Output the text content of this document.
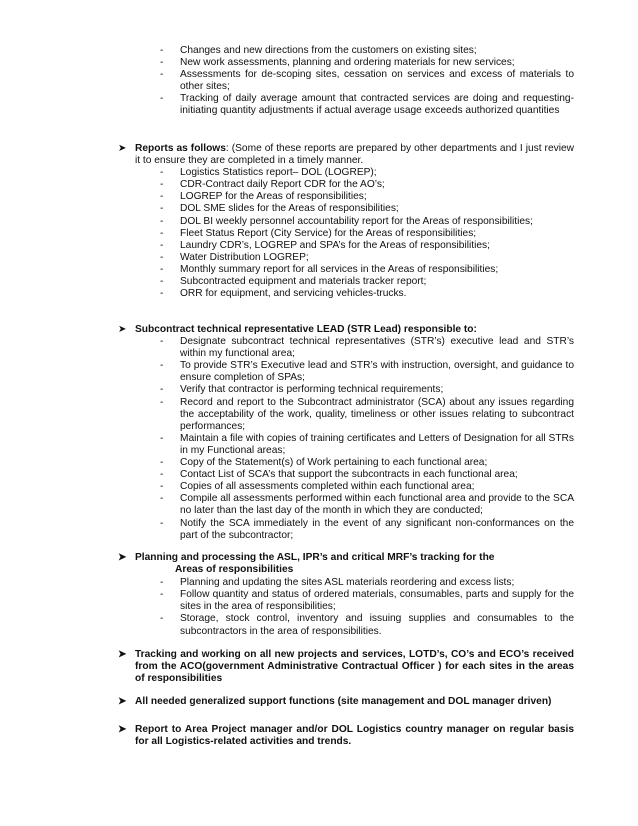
- Changes and new directions from the customers on existing sites;
- New work assessments, planning and ordering materials for new services;
- Assessments for de-scoping sites, cessation on services and excess of materials to other sites;
- Tracking of daily average amount that contracted services are doing and requesting-initiating quantity adjustments if actual average usage exceeds authorized quantities
➤ Reports as follows: (Some of these reports are prepared by other departments and I just review it to ensure they are completed in a timely manner.
- Logistics Statistics report– DOL (LOGREP);
- CDR-Contract daily Report CDR for the AO’s;
- LOGREP for the Areas of responsibilities;
- DOL SME slides for the Areas of responsibilities;
- DOL BI weekly personnel accountability report for the Areas of responsibilities;
- Fleet Status Report (City Service) for the Areas of responsibilities;
- Laundry CDR’s, LOGREP and SPA’s for the Areas of responsibilities;
- Water Distribution LOGREP;
- Monthly summary report for all services in the Areas of responsibilities;
- Subcontracted equipment and materials tracker report;
- ORR for equipment, and servicing vehicles-trucks.
➤ Subcontract technical representative LEAD (STR Lead) responsible to:
- Designate subcontract technical representatives (STR’s) executive lead and STR’s within my functional area;
- To provide STR’s Executive lead and STR’s with instruction, oversight, and guidance to ensure completion of SPAs;
- Verify that contractor is performing technical requirements;
- Record and report to the Subcontract administrator (SCA) about any issues regarding the acceptability of the work, quality, timeliness or other issues relating to subcontract performances;
- Maintain a file with copies of training certificates and Letters of Designation for all STRs in my Functional areas;
- Copy of the Statement(s) of Work pertaining to each functional area;
- Contact List of SCA’s that support the subcontracts in each functional area;
- Copies of all assessments completed within each functional area;
- Compile all assessments performed within each functional area and provide to the SCA no later than the last day of the month in which they are conducted;
- Notify the SCA immediately in the event of any significant non-conformances on the part of the subcontractor;
➤ Planning and processing the ASL, IPR’s and critical MRF’s tracking for the
Areas of responsibilities
- Planning and updating the sites ASL materials reordering and excess lists;
- Follow quantity and status of ordered materials, consumables, parts and supply for the sites in the area of responsibilities;
- Storage, stock control, inventory and issuing supplies and consumables to the subcontractors in the area of responsibilities.
➤ Tracking and working on all new projects and services, LOTD’s, CO’s and ECO’s received from the ACO(government Administrative Contractual Officer ) for each sites in the areas of responsibilities
➤ All needed generalized support functions (site management and DOL manager driven)
➤ Report to Area Project manager and/or DOL Logistics country manager on regular basis for all Logistics-related activities and trends.
